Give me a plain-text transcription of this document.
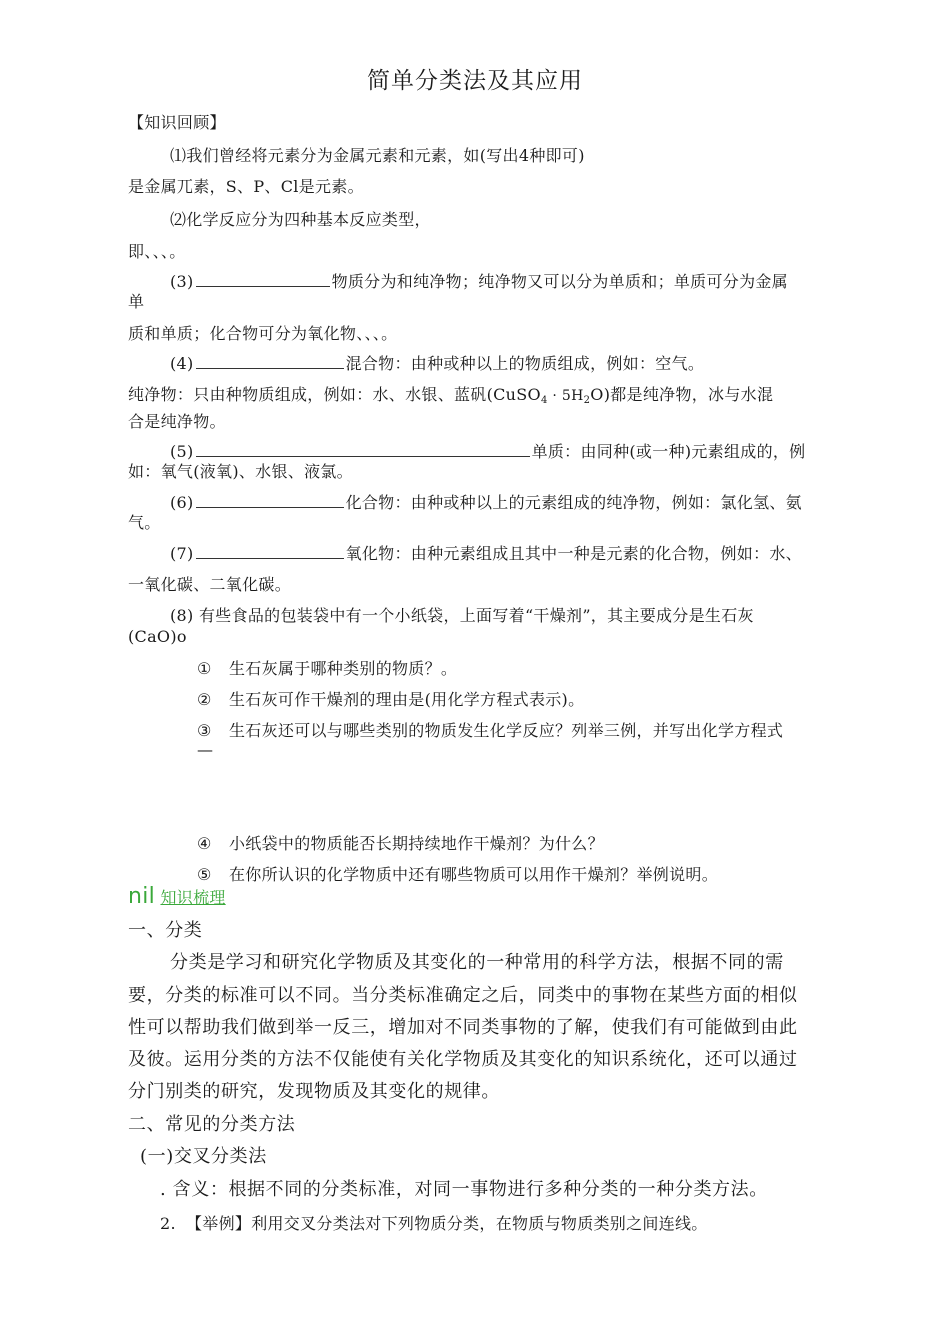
简单分类法及其应用
【知识回顾】
⑴我们曾经将元素分为金属元素和元素，如(写出4种即可)
是金属兀素，S、P、Cl是元素。
⑵化学反应分为四种基本反应类型，
即、、、。
(3)	物质分为和纯净物；纯净物又可以分为单质和；单质可分为金属
单
质和单质；化合物可分为氧化物、、、。
(4)	混合物：由种或种以上的物质组成，例如：空气。
纯净物：只由种物质组成，例如：水、水银、蓝矾(CuSO$_4$ · $5H_2O$)都是纯净物，冰与水混
合是纯净物。
(5)	单质：由同种(或一种)元素组成的，例
如：氧气(液氧)、水银、液氯。
(6)	化合物：由种或种以上的元素组成的纯净物，例如：氯化氢、氨
气。
(7)	氧化物：由种元素组成且其中一种是元素的化合物，例如：水、
一氧化碳、二氧化碳。
(8) 有些食品的包装袋中有一个小纸袋，上面写着“干燥剂”，其主要成分是生石灰
(CaO)o
① 生石灰属于哪种类别的物质？。
② 生石灰可作干燥剂的理由是(用化学方程式表示)。
③ 生石灰还可以与哪些类别的物质发生化学反应？列举三例，并写出化学方程式
—
④ 小纸袋中的物质能否长期持续地作干燥剂？为什么？
⑤ 在你所认识的化学物质中还有哪些物质可以用作干燥剂？举例说明。
nil 知识梳理
一、分类
分类是学习和研究化学物质及其变化的一种常用的科学方法，根据不同的需
要，分类的标准可以不同。当分类标准确定之后，同类中的事物在某些方面的相似
性可以帮助我们做到举一反三，增加对不同类事物的了解，使我们有可能做到由此
及彼。运用分类的方法不仅能使有关化学物质及其变化的知识系统化，还可以通过
分门别类的研究，发现物质及其变化的规律。
二、常见的分类方法
(一)交叉分类法
. 含义：根据不同的分类标准，对同一事物进行多种分类的一种分类方法。
2. 【举例】利用交叉分类法对下列物质分类，在物质与物质类别之间连线。
